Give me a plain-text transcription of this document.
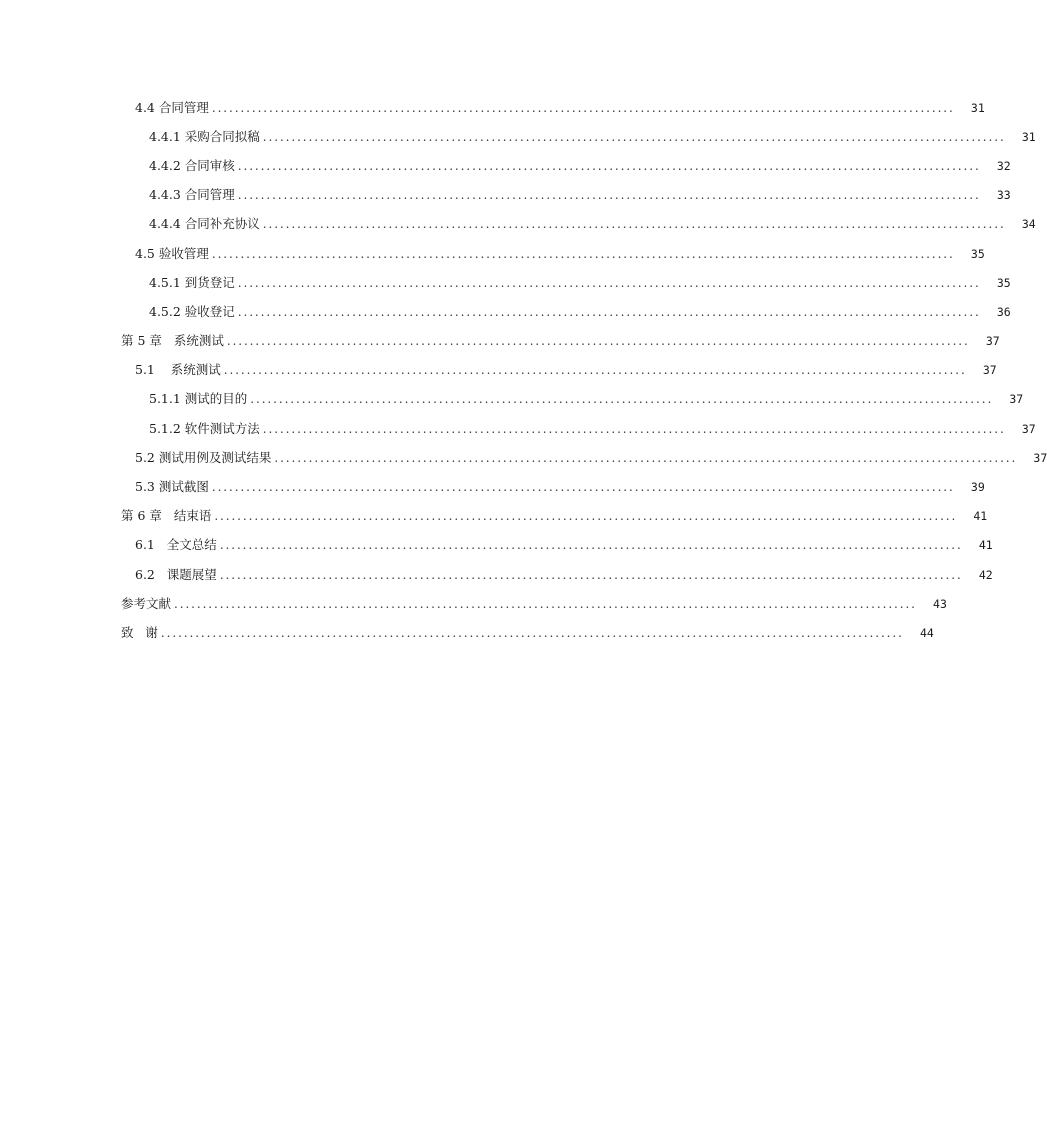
4.4 合同管理 ..................................................................................................................................	31
4.4.1 采购合同拟稿 ..................................................................................................................................	31
4.4.2 合同审核 ..................................................................................................................................	32
4.4.3 合同管理 ..................................................................................................................................	33
4.4.4 合同补充协议 ..................................................................................................................................	34
4.5 验收管理 ..................................................................................................................................	35
4.5.1 到货登记 ..................................................................................................................................	35
4.5.2 验收登记 ..................................................................................................................................	36
第 5 章   系统测试 ..................................................................................................................................	37
5.1    系统测试 ..................................................................................................................................	37
5.1.1 测试的目的 ..................................................................................................................................	37
5.1.2 软件测试方法 ..................................................................................................................................	37
5.2 测试用例及测试结果 ..................................................................................................................................	37
5.3 测试截图 ..................................................................................................................................	39
第 6 章   结束语 ..................................................................................................................................	41
6.1   全文总结 ..................................................................................................................................	41
6.2   课题展望 ..................................................................................................................................	42
参考文献 ..................................................................................................................................	43
致   谢 ..................................................................................................................................	44
